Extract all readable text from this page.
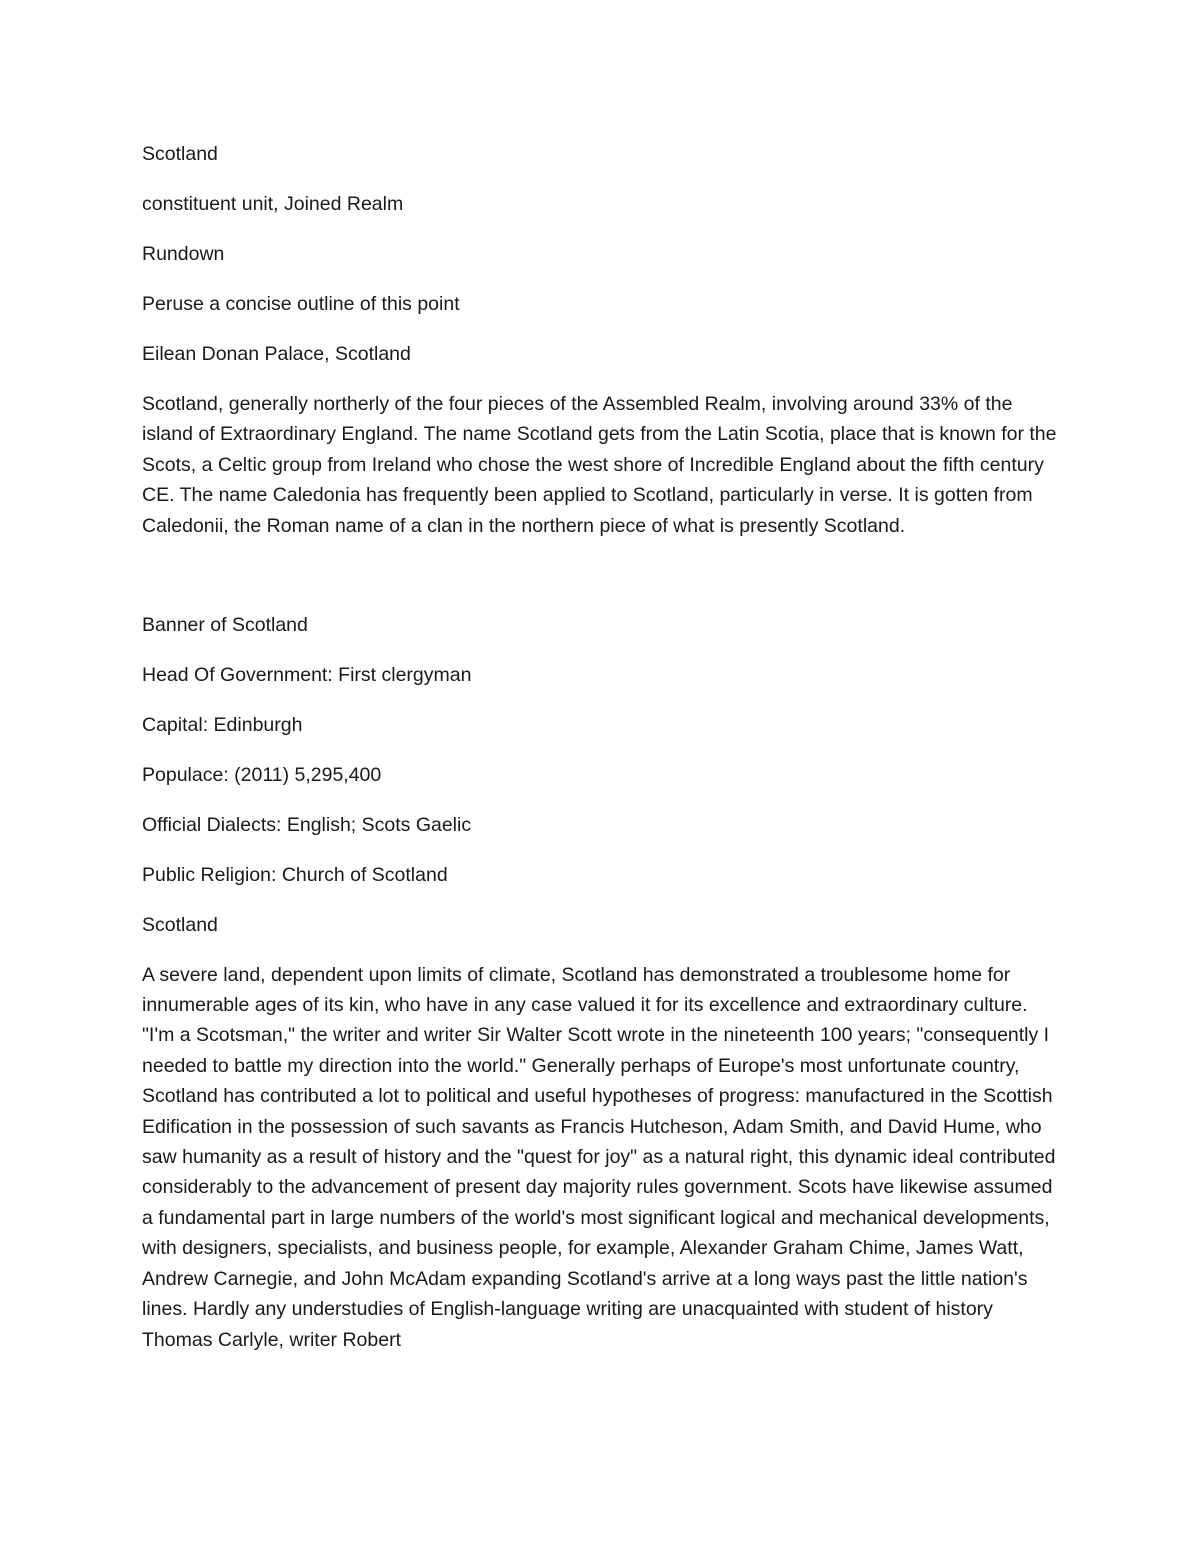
Scotland
constituent unit, Joined Realm
Rundown
Peruse a concise outline of this point
Eilean Donan Palace, Scotland
Scotland, generally northerly of the four pieces of the Assembled Realm, involving around 33% of the island of Extraordinary England. The name Scotland gets from the Latin Scotia, place that is known for the Scots, a Celtic group from Ireland who chose the west shore of Incredible England about the fifth century CE. The name Caledonia has frequently been applied to Scotland, particularly in verse. It is gotten from Caledonii, the Roman name of a clan in the northern piece of what is presently Scotland.
Banner of Scotland
Head Of Government: First clergyman
Capital: Edinburgh
Populace: (2011) 5,295,400
Official Dialects: English; Scots Gaelic
Public Religion: Church of Scotland
Scotland
A severe land, dependent upon limits of climate, Scotland has demonstrated a troublesome home for innumerable ages of its kin, who have in any case valued it for its excellence and extraordinary culture. "I'm a Scotsman," the writer and writer Sir Walter Scott wrote in the nineteenth 100 years; "consequently I needed to battle my direction into the world." Generally perhaps of Europe's most unfortunate country, Scotland has contributed a lot to political and useful hypotheses of progress: manufactured in the Scottish Edification in the possession of such savants as Francis Hutcheson, Adam Smith, and David Hume, who saw humanity as a result of history and the "quest for joy" as a natural right, this dynamic ideal contributed considerably to the advancement of present day majority rules government. Scots have likewise assumed a fundamental part in large numbers of the world's most significant logical and mechanical developments, with designers, specialists, and business people, for example, Alexander Graham Chime, James Watt, Andrew Carnegie, and John McAdam expanding Scotland's arrive at a long ways past the little nation's lines. Hardly any understudies of English-language writing are unacquainted with student of history Thomas Carlyle, writer Robert
